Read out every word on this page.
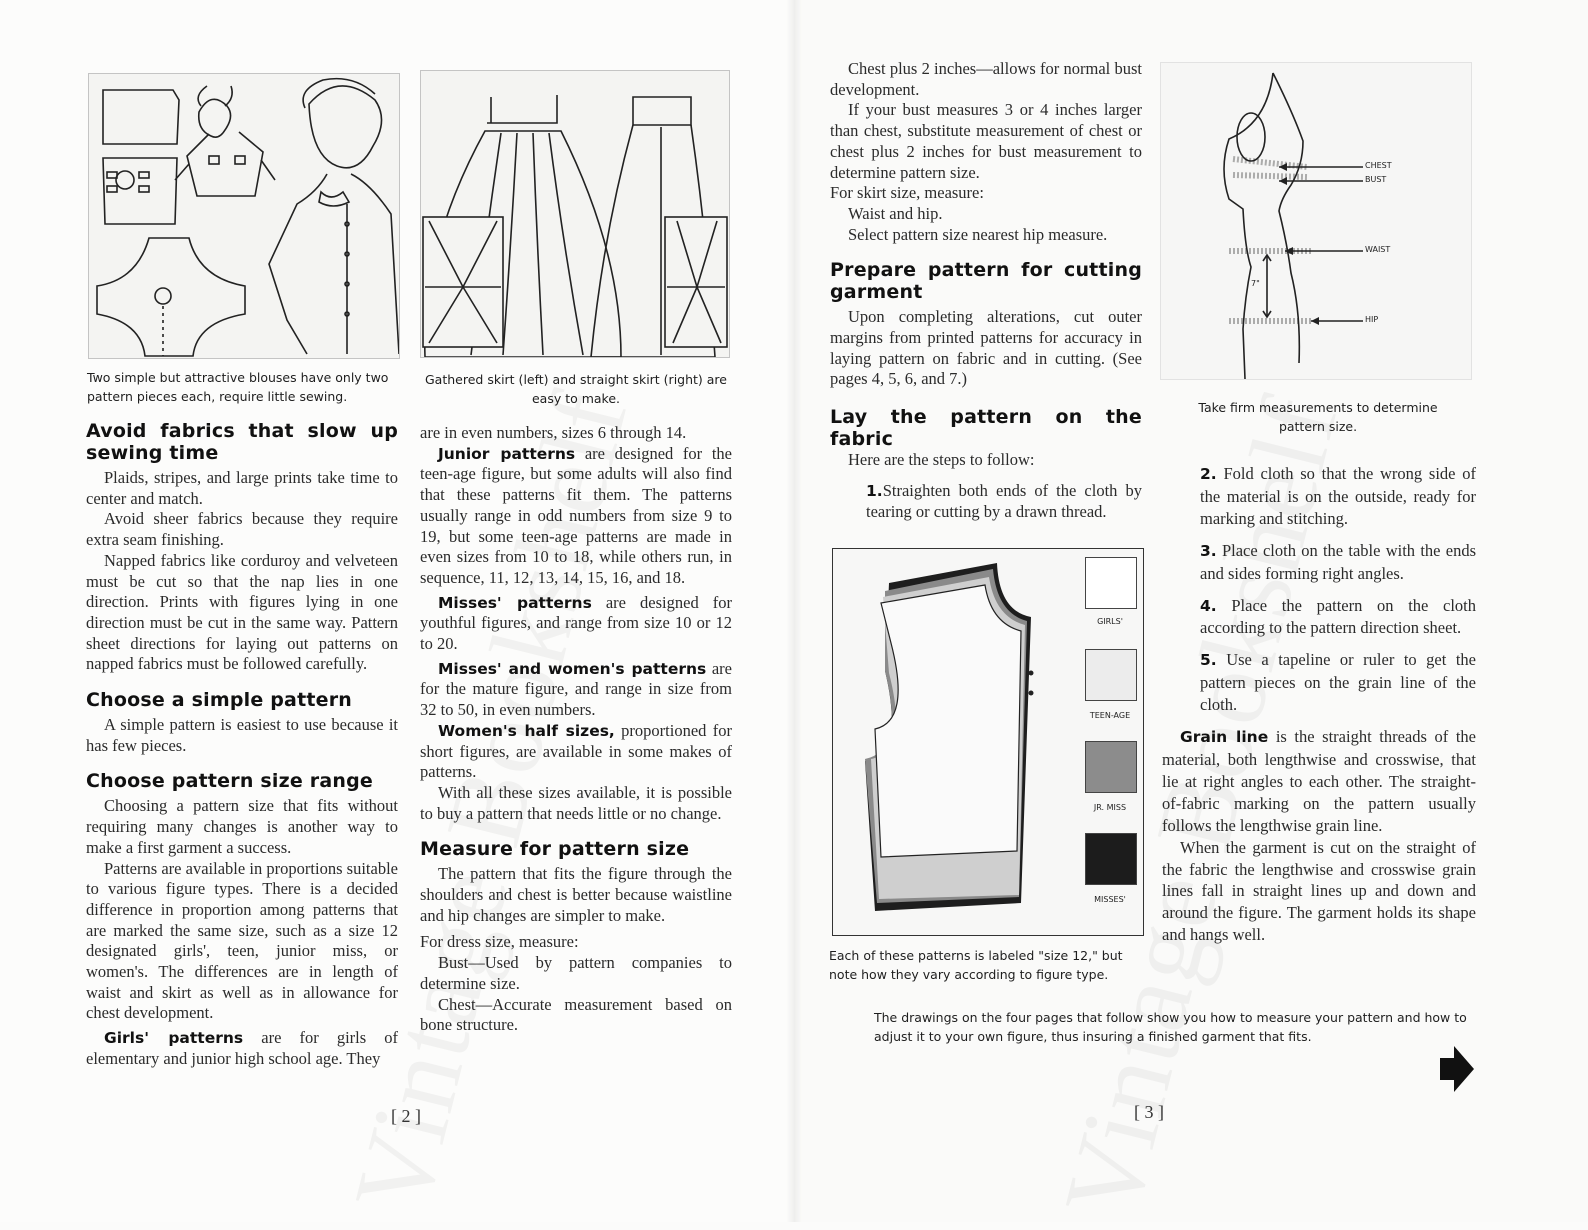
Two simple but attractive blouses have only two pattern pieces each, require little sewing.
Gathered skirt (left) and straight skirt (right) are easy to make.
Avoid fabrics that slow up sewing time

Plaids, stripes, and large prints take time to center and match.

Avoid sheer fabrics because they require extra seam finishing.

Napped fabrics like corduroy and velveteen must be cut so that the nap lies in one direction. Prints with figures lying in one direction must be cut in the same way. Pattern sheet directions for laying out patterns on napped fabrics must be followed carefully.

Choose a simple pattern

A simple pattern is easiest to use because it has few pieces.

Choose pattern size range

Choosing a pattern size that fits without requiring many changes is another way to make a first garment a success.

Patterns are available in proportions suitable to various figure types. There is a decided difference in proportion among patterns that are marked the same size, such as a size 12 designated girls', teen, junior miss, or women's. The differences are in length of waist and skirt as well as in allowance for chest development.

Girls' patterns are for girls of elementary and junior high school age. They

are in even numbers, sizes 6 through 14.

Junior patterns are designed for the teen-age figure, but some adults will also find that these patterns fit them. The patterns usually range in odd numbers from size 9 to 19, but some teen-age patterns are made in even sizes from 10 to 18, while others run, in sequence, 11, 12, 13, 14, 15, 16, and 18.

Misses' patterns are designed for youthful figures, and range from size 10 or 12 to 20.

Misses' and women's patterns are for the mature figure, and range in size from 32 to 50, in even numbers.

Women's half sizes, proportioned for short figures, are available in some makes of patterns.

With all these sizes available, it is possible to buy a pattern that needs little or no change.

Measure for pattern size

The pattern that fits the figure through the shoulders and chest is better because waistline and hip changes are simpler to make.

For dress size, measure:

Bust—Used by pattern companies to determine size.

Chest—Accurate measurement based on bone structure.

[ 2 ]

Chest plus 2 inches—allows for normal bust development.

If your bust measures 3 or 4 inches larger than chest, substitute measurement of chest or chest plus 2 inches for bust measurement to determine pattern size.

For skirt size, measure:

Waist and hip.

Select pattern size nearest hip measure.

Prepare pattern for cutting garment

Upon completing alterations, cut outer margins from printed patterns for accuracy in laying pattern on fabric and in cutting. (See pages 4, 5, 6, and 7.)

Lay the pattern on the fabric

Here are the steps to follow:

1.Straighten both ends of the cloth by tearing or cutting by a drawn thread.

GIRLS'
TEEN-AGE
JR. MISS
MISSES'
Each of these patterns is labeled "size 12," but note how they vary according to figure type.
CHEST
BUST
WAIST
HIP
7"
Take firm measurements to determine pattern size.

2. Fold cloth so that the wrong side of the material is on the outside, ready for marking and stitching.

3. Place cloth on the table with the ends and sides forming right angles.

4. Place the pattern on the cloth according to the pattern direction sheet.

5. Use a tapeline or ruler to get the pattern pieces on the grain line of the cloth.

Grain line is the straight threads of the material, both lengthwise and crosswise, that lie at right angles to each other. The straight-of-fabric marking on the pattern usually follows the lengthwise grain line.

When the garment is cut on the straight of the fabric the lengthwise and crosswise grain lines fall in straight lines up and down and around the figure. The garment holds its shape and hangs well.

The drawings on the four pages that follow show you how to measure your pattern and how to adjust it to your own figure, thus insuring a finished garment that fits.
[ 3 ]
